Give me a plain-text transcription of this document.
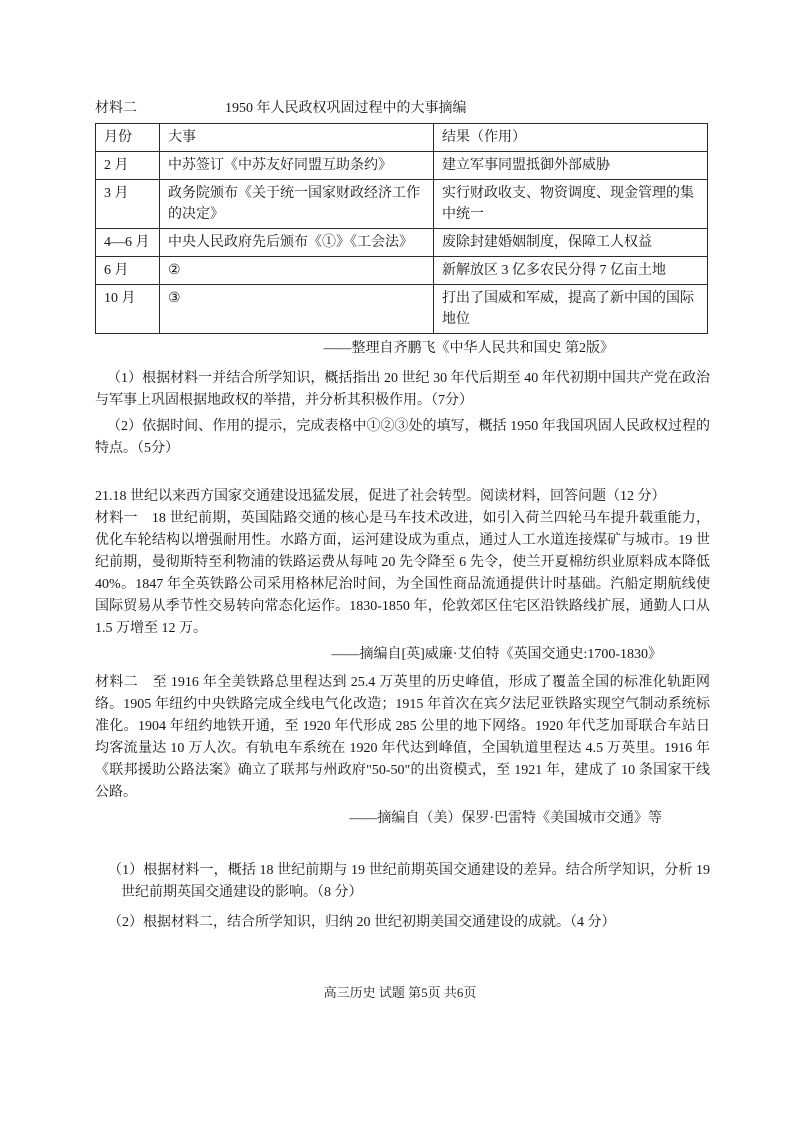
材料二	1950 年人民政权巩固过程中的大事摘编
月份	大事	结果（作用）
2 月	中苏签订《中苏友好同盟互助条约》	建立军事同盟抵御外部威胁
3 月	政务院颁布《关于统一国家财政经济工作的决定》	实行财政收支、物资调度、现金管理的集中统一
4—6 月	中央人民政府先后颁布《①》《工会法》	废除封建婚姻制度，保障工人权益
6 月	②	新解放区 3 亿多农民分得 7 亿亩土地
10 月	③	打出了国威和军威，提高了新中国的国际地位

——整理自齐鹏飞《中华人民共和国史 第2版》

（1）根据材料一并结合所学知识，概括指出 20 世纪 30 年代后期至 40 年代初期中国共产党在政治与军事上巩固根据地政权的举措，并分析其积极作用。（7分）

（2）依据时间、作用的提示，完成表格中①②③处的填写，概括 1950 年我国巩固人民政权过程的特点。（5分）

21.18 世纪以来西方国家交通建设迅猛发展，促进了社会转型。阅读材料，回答问题（12 分）

材料一　18 世纪前期，英国陆路交通的核心是马车技术改进，如引入荷兰四轮马车提升载重能力，优化车轮结构以增强耐用性。水路方面，运河建设成为重点，通过人工水道连接煤矿与城市。19 世纪前期，曼彻斯特至利物浦的铁路运费从每吨 20 先令降至 6 先令，使兰开夏棉纺织业原料成本降低 40%。1847 年全英铁路公司采用格林尼治时间，为全国性商品流通提供计时基础。汽船定期航线使国际贸易从季节性交易转向常态化运作。1830-1850 年，伦敦郊区住宅区沿铁路线扩展，通勤人口从 1.5 万增至 12 万。

——摘编自[英]威廉·艾伯特《英国交通史:1700-1830》

材料二　至 1916 年全美铁路总里程达到 25.4 万英里的历史峰值，形成了覆盖全国的标准化轨距网络。1905 年纽约中央铁路完成全线电气化改造；1915 年首次在宾夕法尼亚铁路实现空气制动系统标准化。1904 年纽约地铁开通，至 1920 年代形成 285 公里的地下网络。1920 年代芝加哥联合车站日均客流量达 10 万人次。有轨电车系统在 1920 年代达到峰值，全国轨道里程达 4.5 万英里。1916 年《联邦援助公路法案》确立了联邦与州政府"50-50"的出资模式，至 1921 年，建成了 10 条国家干线公路。

——摘编自（美）保罗·巴雷特《美国城市交通》等

（1）根据材料一，概括 18 世纪前期与 19 世纪前期英国交通建设的差异。结合所学知识，分析 19 世纪前期英国交通建设的影响。（8 分）

（2）根据材料二，结合所学知识，归纳 20 世纪初期美国交通建设的成就。（4 分）

高三历史 试题 第5页 共6页
